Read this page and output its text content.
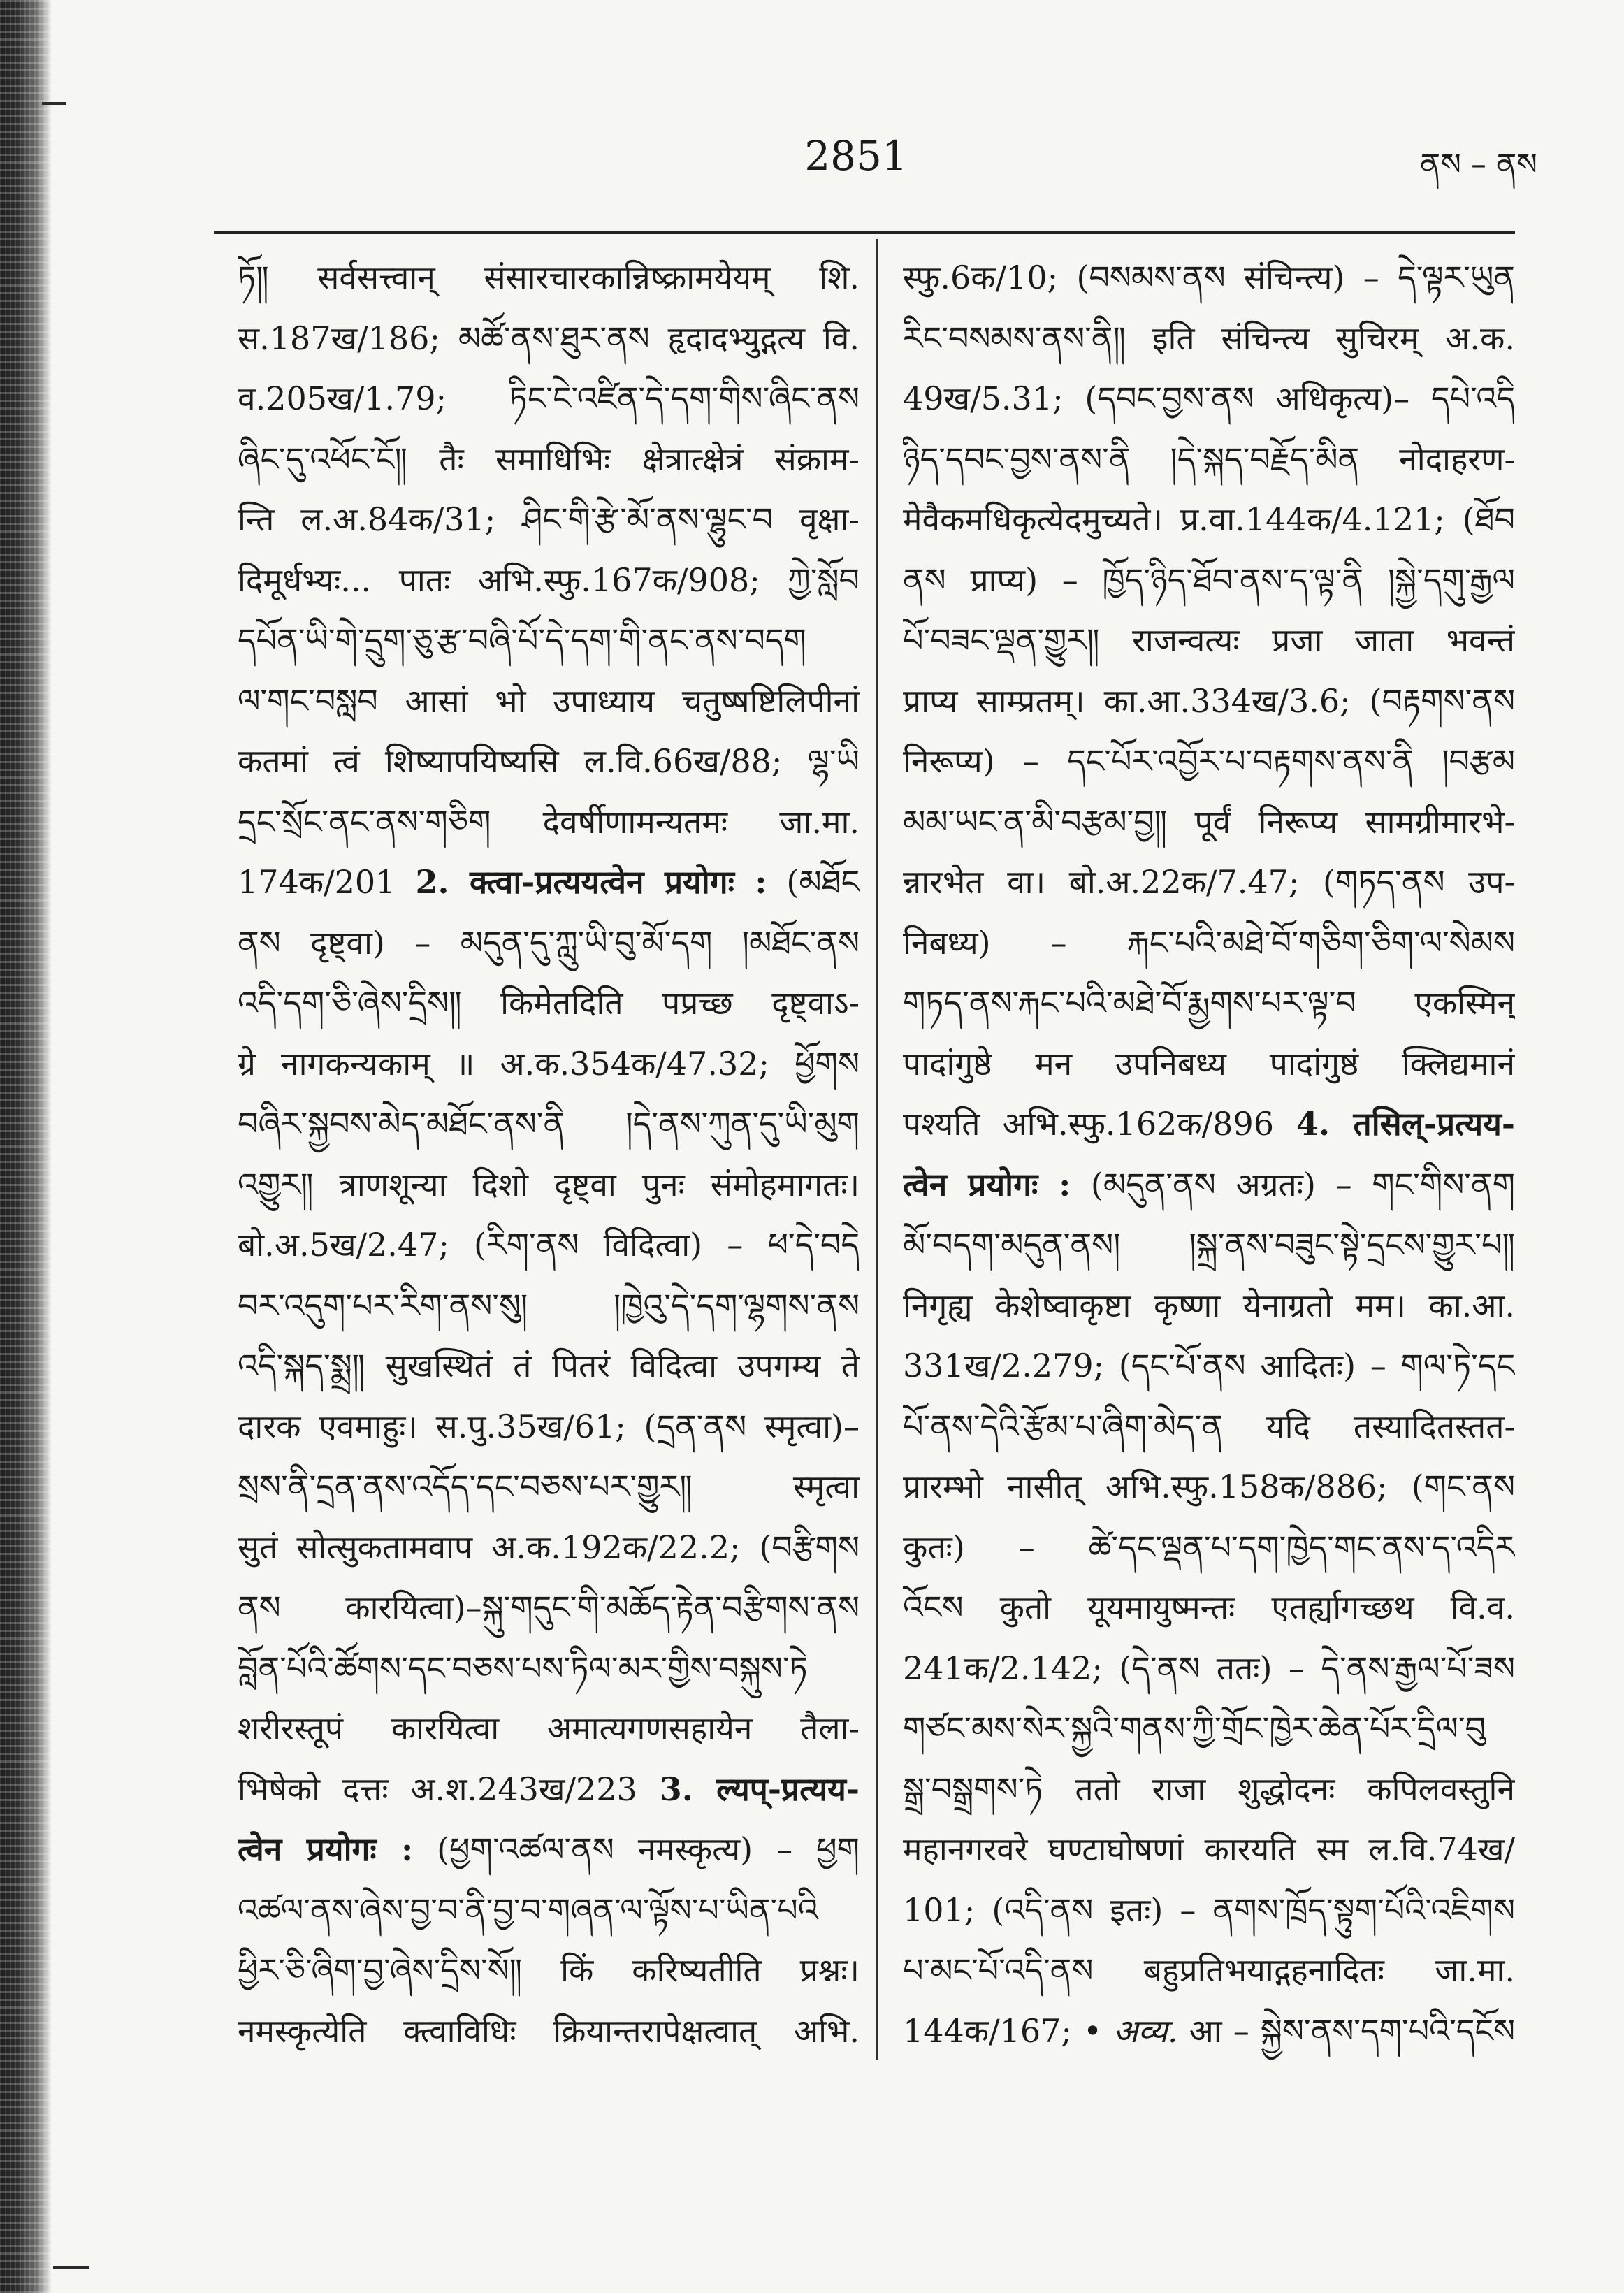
2851	ནས – ནས
ཏོ༎ सर्वसत्त्वान् संसारचारकान्निष्क्रामयेयम् शि.
स.187ख/186; མཚོ་ནས་ཐུར་ནས हृदादभ्युद्गत्य वि.
व.205ख/1.79; ཏིང་ངེ་འཛིན་དེ་དག་གིས་ཞིང་ནས
ཞིང་དུ་འཕོང་ངོ༎ तैः समाधिभिः क्षेत्रात्क्षेत्रं संक्राम-
न्ति ल.अ.84क/31; ཤིང་གི་རྩེ་མོ་ནས་ལྷུང་བ वृक्षा-
दिमूर्धभ्यः... पातः अभि.स्फु.167क/908; ཀྱེ་སློབ
དཔོན་ཡི་གེ་དྲུག་ཅུ་རྩ་བཞི་པོ་དེ་དག་གི་ནང་ནས་བདག
ལ་གང་བསླབ आसां भो उपाध्याय चतुष्षष्टिलिपीनां
कतमां त्वं शिष्यापयिष्यसि ल.वि.66ख/88; ལྷ་ཡི
དྲང་སྲོང་ནང་ནས་གཅིག देवर्षीणामन्यतमः जा.मा.
174क/201 2. क्त्वा-प्रत्ययत्वेन प्रयोगः : (མཐོང
ནས दृष्ट्वा) – མདུན་དུ་ཀླུ་ཡི་བུ་མོ་དག །མཐོང་ནས
འདི་དག་ཅི་ཞེས་དྲིས༎ किमेतदिति पप्रच्छ दृष्ट्वाऽ-
ग्रे नागकन्यकाम् ॥ अ.क.354क/47.32; ཕྱོགས
བཞིར་སྐྱབས་མེད་མཐོང་ནས་ནི །དེ་ནས་ཀུན་དུ་ཡི་མུག
འགྱུར༎ त्राणशून्या दिशो दृष्ट्वा पुनः संमोहमागतः।
बो.अ.5ख/2.47; (རིག་ནས विदित्वा) – ཕ་དེ་བདེ
བར་འདུག་པར་རིག་ནས་སུ། །ཁྱེའུ་དེ་དག་ལྷགས་ནས
འདི་སྐད་སྨྲ༎ सुखस्थितं तं पितरं विदित्वा उपगम्य ते
दारक एवमाहुः। स.पु.35ख/61; (དྲན་ནས स्मृत्वा)–
སྲས་ནི་དྲན་ནས་འདོད་དང་བཅས་པར་གྱུར༎ स्मृत्वा
सुतं सोत्सुकतामवाप अ.क.192क/22.2; (བརྩིགས
ནས कारयित्वा)–སྐུ་གདུང་གི་མཆོད་རྟེན་བརྩིགས་ནས
བློན་པོའི་ཚོགས་དང་བཅས་པས་ཏིལ་མར་གྱིས་བསྐུས་ཏེ
शरीरस्तूपं कारयित्वा अमात्यगणसहायेन तैला-
भिषेको दत्तः अ.श.243ख/223 3. ल्यप्-प्रत्यय-
त्वेन प्रयोगः : (ཕྱག་འཚལ་ནས नमस्कृत्य) – ཕྱག
འཚལ་ནས་ཞེས་བྱ་བ་ནི་བྱ་བ་གཞན་ལ་ལྟོས་པ་ཡིན་པའི
ཕྱིར་ཅི་ཞིག་བྱ་ཞེས་དྲིས་སོ༎ किं करिष्यतीति प्रश्नः।
नमस्कृत्येति क्त्वाविधिः क्रियान्तरापेक्षत्वात् अभि.
स्फु.6क/10; (བསམས་ནས संचिन्त्य) – དེ་ལྟར་ཡུན
རིང་བསམས་ནས་ནི༎ इति संचिन्त्य सुचिरम् अ.क.
49ख/5.31; (དབང་བྱས་ནས अधिकृत्य)– དཔེ་འདི
ཉིད་དབང་བྱས་ནས་ནི །དེ་སྐད་བརྗོད་མིན नोदाहरण-
मेवैकमधिकृत्येदमुच्यते। प्र.वा.144क/4.121; (ཐོབ
ནས प्राप्य) – ཁྱོད་ཉིད་ཐོབ་ནས་ད་ལྟ་ནི །སྐྱེ་དགུ་རྒྱལ
པོ་བཟང་ལྡན་གྱུར༎ राजन्वत्यः प्रजा जाता भवन्तं
प्राप्य साम्प्रतम्। का.आ.334ख/3.6; (བརྟགས་ནས
निरूप्य) – དང་པོར་འབྱོར་པ་བརྟགས་ནས་ནི །བརྩམ
མམ་ཡང་ན་མི་བརྩམ་བྱ༎ पूर्वं निरूप्य सामग्रीमारभे-
न्नारभेत वा। बो.अ.22क/7.47; (གཏད་ནས उप-
निबध्य) – རྐང་པའི་མཐེ་བོ་གཅིག་ཅིག་ལ་སེམས
གཏད་ནས་རྐང་པའི་མཐེ་བོ་རྨྱགས་པར་ལྟ་བ एकस्मिन्
पादांगुष्ठे मन उपनिबध्य पादांगुष्ठं क्लिद्यमानं
पश्यति अभि.स्फु.162क/896 4. तसिल्-प्रत्यय-
त्वेन प्रयोगः : (མདུན་ནས अग्रतः) – གང་གིས་ནག
མོ་བདག་མདུན་ནས། །སྐྲ་ནས་བཟུང་སྟེ་དྲངས་གྱུར་པ༎
निगृह्य केशेष्वाकृष्टा कृष्णा येनाग्रतो मम। का.आ.
331ख/2.279; (དང་པོ་ནས आदितः) – གལ་ཏེ་དང
པོ་ནས་དེའི་རྩོམ་པ་ཞིག་མེད་ན यदि तस्यादितस्तत-
प्रारम्भो नासीत् अभि.स्फु.158क/886; (གང་ནས
कुतः) – ཚེ་དང་ལྡན་པ་དག་ཁྱེད་གང་ནས་ད་འདིར
འོངས कुतो यूयमायुष्मन्तः एतर्ह्यागच्छथ वि.व.
241क/2.142; (དེ་ནས ततः) – དེ་ནས་རྒྱལ་པོ་ཟས
གཙང་མས་སེར་སྐྱའི་གནས་ཀྱི་གྲོང་ཁྱེར་ཆེན་པོར་དྲིལ་བུ
སྒྲ་བསྒྲགས་ཏེ ततो राजा शुद्धोदनः कपिलवस्तुनि
महानगरवरे घण्टाघोषणां कारयति स्म ल.वि.74ख/
101; (འདི་ནས इतः) – ནགས་ཁྲོད་སྟུག་པོའི་འཇིགས
པ་མང་པོ་འདི་ནས बहुप्रतिभयाद्गहनादितः जा.मा.
144क/167; • अव्य. आ – སྐྱེས་ནས་དག་པའི་དངོས
